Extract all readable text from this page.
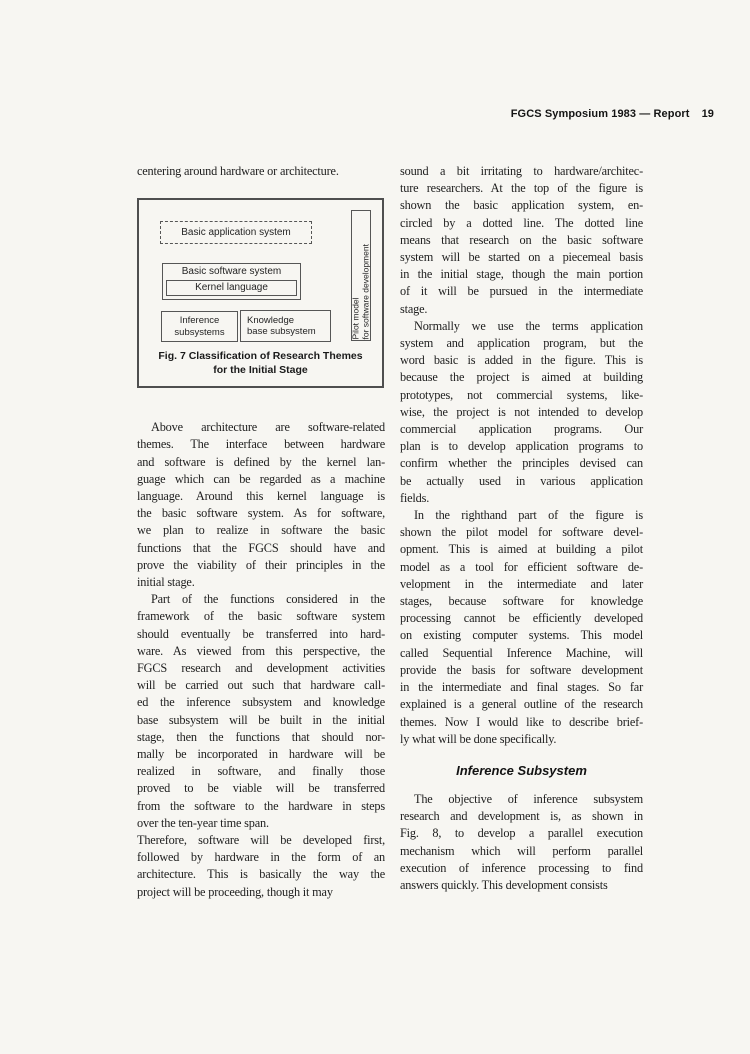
FGCS Symposium 1983 — Report 19
centering around hardware or architecture.
Basic application system
Basic software system
Kernel language
Inference
subsystems
Knowledge
base subsystem	Pilot model for software development
Fig. 7 Classification of Research Themes
for the Initial Stage
Above architecture are software-related
themes. The interface between hardware
and software is defined by the kernel lan-
guage which can be regarded as a machine
language. Around this kernel language is
the basic software system. As for software,
we plan to realize in software the basic
functions that the FGCS should have and
prove the viability of their principles in the
initial stage.
Part of the functions considered in the
framework of the basic software system
should eventually be transferred into hard-
ware. As viewed from this perspective, the
FGCS research and development activities
will be carried out such that hardware call-
ed the inference subsystem and knowledge
base subsystem will be built in the initial
stage, then the functions that should nor-
mally be incorporated in hardware will be
realized in software, and finally those
proved to be viable will be transferred
from the software to the hardware in steps
over the ten-year time span.
Therefore, software will be developed first,
followed by hardware in the form of an
architecture. This is basically the way the
project will be proceeding, though it may
sound a bit irritating to hardware/architec-
ture researchers. At the top of the figure is
shown the basic application system, en-
circled by a dotted line. The dotted line
means that research on the basic software
system will be started on a piecemeal basis
in the initial stage, though the main portion
of it will be pursued in the intermediate
stage.
Normally we use the terms application
system and application program, but the
word basic is added in the figure. This is
because the project is aimed at building
prototypes, not commercial systems, like-
wise, the project is not intended to develop
commercial application programs. Our
plan is to develop application programs to
confirm whether the principles devised can
be actually used in various application
fields.
In the righthand part of the figure is
shown the pilot model for software devel-
opment. This is aimed at building a pilot
model as a tool for efficient software de-
velopment in the intermediate and later
stages, because software for knowledge
processing cannot be efficiently developed
on existing computer systems. This model
called Sequential Inference Machine, will
provide the basis for software development
in the intermediate and final stages. So far
explained is a general outline of the research
themes. Now I would like to describe brief-
ly what will be done specifically.
Inference Subsystem
The objective of inference subsystem
research and development is, as shown in
Fig. 8, to develop a parallel execution
mechanism which will perform parallel
execution of inference processing to find
answers quickly. This development consists
